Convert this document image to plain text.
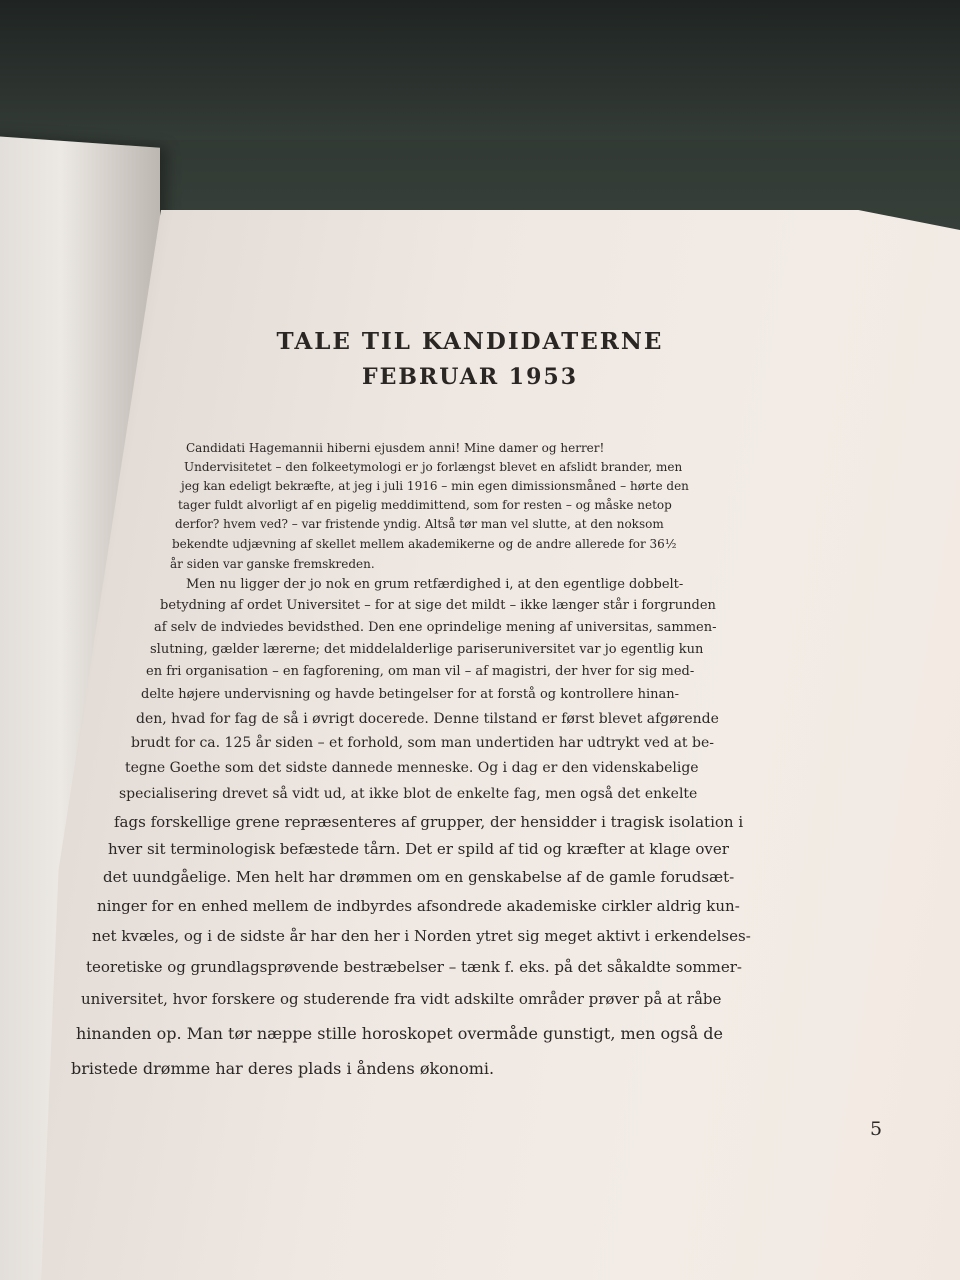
TALE TIL KANDIDATERNE
FEBRUAR 1953

Candidati Hagemannii hiberni ejusdem anni! Mine damer og herrer!

Undervisitetet – den folkeetymologi er jo forlængst blevet en afslidt brander, men

jeg kan edeligt bekræfte, at jeg i juli 1916 – min egen dimissionsmåned – hørte den

tager fuldt alvorligt af en pigelig meddimittend, som for resten – og måske netop

derfor? hvem ved? – var fristende yndig. Altså tør man vel slutte, at den noksom

bekendte udjævning af skellet mellem akademikerne og de andre allerede for 36½

år siden var ganske fremskreden.

Men nu ligger der jo nok en grum retfærdighed i, at den egentlige dobbelt-

betydning af ordet Universitet – for at sige det mildt – ikke længer står i forgrunden

af selv de indviedes bevidsthed. Den ene oprindelige mening af universitas, sammen-

slutning, gælder lærerne; det middelalderlige pariseruniversitet var jo egentlig kun

en fri organisation – en fagforening, om man vil – af magistri, der hver for sig med-

delte højere undervisning og havde betingelser for at forstå og kontrollere hinan-

den, hvad for fag de så i øvrigt docerede. Denne tilstand er først blevet afgørende

brudt for ca. 125 år siden – et forhold, som man undertiden har udtrykt ved at be-

tegne Goethe som det sidste dannede menneske. Og i dag er den videnskabelige

specialisering drevet så vidt ud, at ikke blot de enkelte fag, men også det enkelte

fags forskellige grene repræsenteres af grupper, der hensidder i tragisk isolation i

hver sit terminologisk befæstede tårn. Det er spild af tid og kræfter at klage over

det uundgåelige. Men helt har drømmen om en genskabelse af de gamle forudsæt-

ninger for en enhed mellem de indbyrdes afsondrede akademiske cirkler aldrig kun-

net kvæles, og i de sidste år har den her i Norden ytret sig meget aktivt i erkendelses-

teoretiske og grundlagsprøvende bestræbelser – tænk f. eks. på det såkaldte sommer-

universitet, hvor forskere og studerende fra vidt adskilte områder prøver på at råbe

hinanden op. Man tør næppe stille horoskopet overmåde gunstigt, men også de

bristede drømme har deres plads i åndens økonomi.

5
